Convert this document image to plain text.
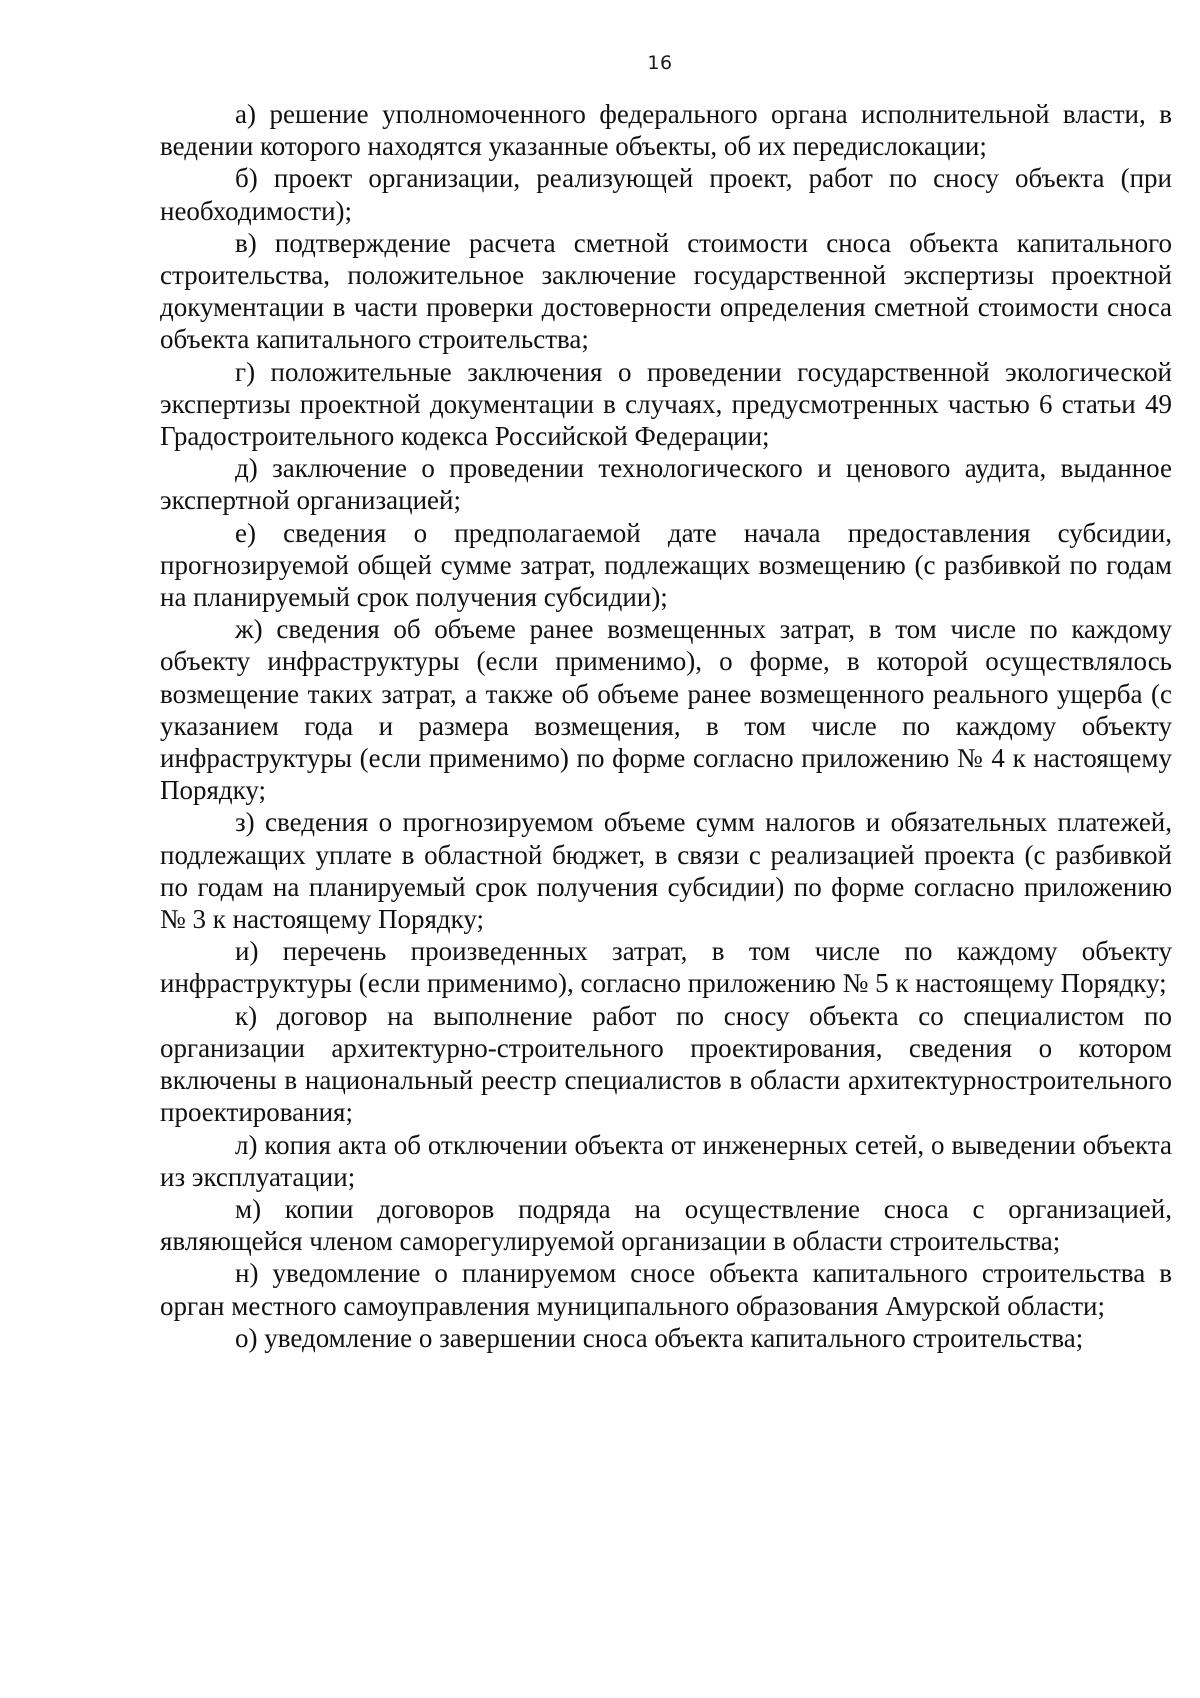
16

а) решение уполномоченного федерального органа исполнительной власти, в ведении которого находятся указанные объекты, об их передислокации;

б) проект организации, реализующей проект, работ по сносу объекта (при необходимости);

в) подтверждение расчета сметной стоимости сноса объекта капитального строительства, положительное заключение государственной экспертизы проектной документации в части проверки достоверности определения сметной стоимости сноса объекта капитального строительства;

г) положительные заключения о проведении государственной экологической экспертизы проектной документации в случаях, предусмотренных частью 6 статьи 49 Градостроительного кодекса Российской Федерации;

д) заключение о проведении технологического и ценового аудита, выданное экспертной организацией;

е) сведения о предполагаемой дате начала предоставления субсидии, прогнозируемой общей сумме затрат, подлежащих возмещению (с разбивкой по годам на планируемый срок получения субсидии);

ж) сведения об объеме ранее возмещенных затрат, в том числе по каждому объекту инфраструктуры (если применимо), о форме, в которой осуществлялось возмещение таких затрат, а также об объеме ранее возмещенного реального ущерба (с указанием года и размера возмещения, в том числе по каждому объекту инфраструктуры (если применимо) по форме согласно приложению № 4 к настоящему Порядку;

з) сведения о прогнозируемом объеме сумм налогов и обязательных платежей, подлежащих уплате в областной бюджет, в связи с реализацией проекта (с разбивкой по годам на планируемый срок получения субсидии) по форме согласно приложению № 3 к настоящему Порядку;

и) перечень произведенных затрат, в том числе по каждому объекту инфраструктуры (если применимо), согласно приложению № 5 к настоящему Порядку;

к) договор на выполнение работ по сносу объекта со специалистом по организации архитектурно-строительного проектирования, сведения о котором включены в национальный реестр специалистов в области архитектурностроительного проектирования;

л) копия акта об отключении объекта от инженерных сетей, о выведении объекта из эксплуатации;

м) копии договоров подряда на осуществление сноса с организацией, являющейся членом саморегулируемой организации в области строительства;

н) уведомление о планируемом сносе объекта капитального строительства в орган местного самоуправления муниципального образования Амурской области;

о) уведомление о завершении сноса объекта капитального строительства;
